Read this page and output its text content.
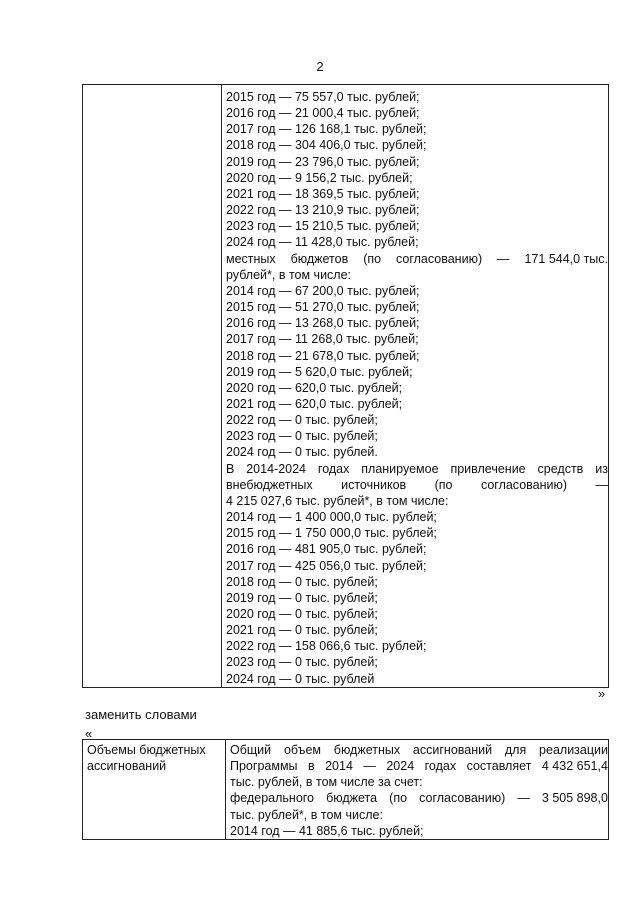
2

2015 год — 75 557,0 тыс. рублей;
2016 год — 21 000,4 тыс. рублей;
2017 год — 126 168,1 тыс. рублей;
2018 год — 304 406,0 тыс. рублей;
2019 год — 23 796,0 тыс. рублей;
2020 год — 9 156,2 тыс. рублей;
2021 год — 18 369,5 тыс. рублей;
2022 год — 13 210,9 тыс. рублей;
2023 год — 15 210,5 тыс. рублей;
2024 год — 11 428,0 тыс. рублей;
местных бюджетов (по согласованию) — 171 544,0 тыс.
рублей*, в том числе:
2014 год — 67 200,0 тыс. рублей;
2015 год — 51 270,0 тыс. рублей;
2016 год — 13 268,0 тыс. рублей;
2017 год — 11 268,0 тыс. рублей;
2018 год — 21 678,0 тыс. рублей;
2019 год — 5 620,0 тыс. рублей;
2020 год — 620,0 тыс. рублей;
2021 год — 620,0 тыс. рублей;
2022 год — 0 тыс. рублей;
2023 год — 0 тыс. рублей;
2024 год — 0 тыс. рублей.
В 2014-2024 годах планируемое привлечение средств из
внебюджетных источников (по согласованию) —
4 215 027,6 тыс. рублей*, в том числе:
2014 год — 1 400 000,0 тыс. рублей;
2015 год — 1 750 000,0 тыс. рублей;
2016 год — 481 905,0 тыс. рублей;
2017 год — 425 056,0 тыс. рублей;
2018 год — 0 тыс. рублей;
2019 год — 0 тыс. рублей;
2020 год — 0 тыс. рублей;
2021 год — 0 тыс. рублей;
2022 год — 158 066,6 тыс. рублей;
2023 год — 0 тыс. рублей;
2024 год — 0 тыс. рублей
»
заменить словами
«
Объемы бюджетных
ассигнований

Общий объем бюджетных ассигнований для реализации
Программы в 2014 — 2024 годах составляет 4 432 651,4
тыс. рублей, в том числе за счет:
федерального бюджета (по согласованию) — 3 505 898,0
тыс. рублей*, в том числе:
2014 год — 41 885,6 тыс. рублей;
